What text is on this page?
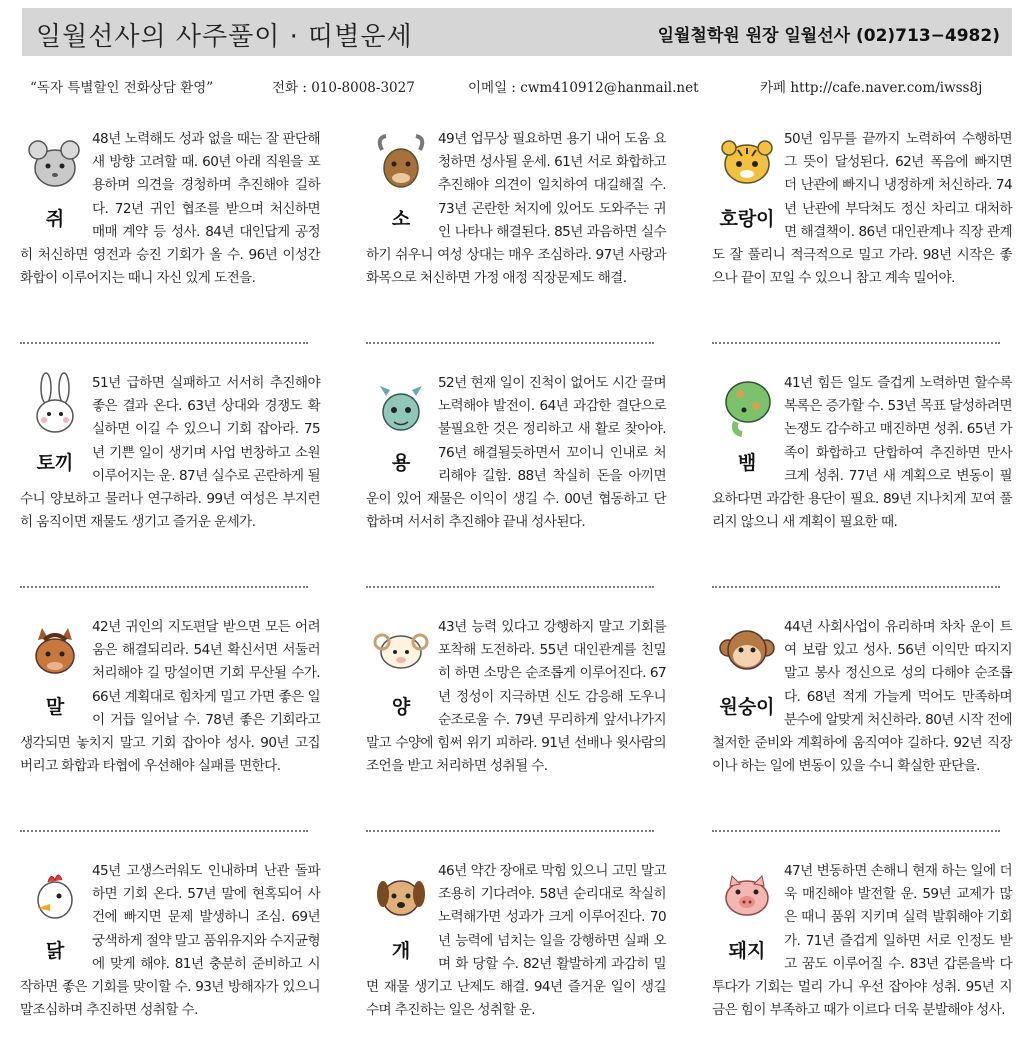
일월선사의 사주풀이 · 띠별운세	일월철학원 원장 일월선사 (02)713−4982)
“독자 특별할인 전화상담 환영”	전화 : 010-8008-3027	이메일 : cwm410912@hanmail.net	카페 http://cafe.naver.com/iwss8j
쥐
48년 노력해도 성과 없을 때는 잘 판단해 새 방향 고려할 때. 60년 아래 직원을 포용하며 의견을 경청하며 추진해야 길하다. 72년 귀인 협조를 받으며 처신하면 매매 계약 등 성사. 84년 대인답게 공정히 처신하면 영전과 승진 기회가 올 수. 96년 이성간 화합이 이루어지는 때니 자신 있게 도전을.
소
49년 업무상 필요하면 용기 내어 도움 요청하면 성사될 운세. 61년 서로 화합하고 추진해야 의견이 일치하여 대길해질 수. 73년 곤란한 처지에 있어도 도와주는 귀인 나타나 해결된다. 85년 과음하면 실수하기 쉬우니 여성 상대는 매우 조심하라. 97년 사랑과 화목으로 처신하면 가정 애정 직장문제도 해결.
호랑이
50년 임무를 끝까지 노력하여 수행하면 그 뜻이 달성된다. 62년 폭음에 빠지면 더 난관에 빠지니 냉정하게 처신하라. 74년 난관에 부닥쳐도 정신 차리고 대처하면 해결책이. 86년 대인관계나 직장 관계도 잘 풀리니 적극적으로 밀고 가라. 98년 시작은 좋으나 끝이 꼬일 수 있으니 참고 계속 밀어야.
토끼
51년 급하면 실패하고 서서히 추진해야 좋은 결과 온다. 63년 상대와 경쟁도 확실하면 이길 수 있으니 기회 잡아라. 75년 기쁜 일이 생기며 사업 번창하고 소원 이루어지는 운. 87년 실수로 곤란하게 될 수니 양보하고 물러나 연구하라. 99년 여성은 부지런히 움직이면 재물도 생기고 즐거운 운세가.
용
52년 현재 일이 진척이 없어도 시간 끌며 노력해야 발전이. 64년 과감한 결단으로 불필요한 것은 정리하고 새 활로 찾아야. 76년 해결될듯하면서 꼬이니 인내로 처리해야 길함. 88년 착실히 돈을 아끼면 운이 있어 재물은 이익이 생길 수. 00년 협동하고 단합하며 서서히 추진해야 끝내 성사된다.
뱀
41년 힘든 일도 즐겁게 노력하면 할수록 복록은 증가할 수. 53년 목표 달성하려면 논쟁도 감수하고 매진하면 성취. 65년 가족이 화합하고 단합하여 추진하면 만사 크게 성취. 77년 새 계획으로 변동이 필요하다면 과감한 용단이 필요. 89년 지나치게 꼬여 풀리지 않으니 새 계획이 필요한 때.
말
42년 귀인의 지도편달 받으면 모든 어려움은 해결되리라. 54년 확신서면 서둘러 처리해야 길 망설이면 기회 무산될 수가. 66년 계획대로 힘차게 밀고 가면 좋은 일이 거듭 일어날 수. 78년 좋은 기회라고 생각되면 놓치지 말고 기회 잡아야 성사. 90년 고집 버리고 화합과 타협에 우선해야 실패를 면한다.
양
43년 능력 있다고 강행하지 말고 기회를 포착해 도전하라. 55년 대인관계를 친밀히 하면 소망은 순조롭게 이루어진다. 67년 정성이 지극하면 신도 감응해 도우니 순조로울 수. 79년 무리하게 앞서나가지 말고 수양에 힘써 위기 피하라. 91년 선배나 윗사람의 조언을 받고 처리하면 성취될 수.
원숭이
44년 사회사업이 유리하며 차차 운이 트여 보람 있고 성사. 56년 이익만 따지지 말고 봉사 정신으로 성의 다해야 순조롭다. 68년 적게 가늘게 먹어도 만족하며 분수에 알맞게 처신하라. 80년 시작 전에 철저한 준비와 계획하에 움직여야 길하다. 92년 직장이나 하는 일에 변동이 있을 수니 확실한 판단을.
닭
45년 고생스러워도 인내하며 난관 돌파하면 기회 온다. 57년 말에 현혹되어 사건에 빠지면 문제 발생하니 조심. 69년 궁색하게 절약 말고 품위유지와 수지균형에 맞게 해야. 81년 충분히 준비하고 시작하면 좋은 기회를 맞이할 수. 93년 방해자가 있으니 말조심하며 추진하면 성취할 수.
개
46년 약간 장애로 막힘 있으니 고민 말고 조용히 기다려야. 58년 순리대로 착실히 노력해가면 성과가 크게 이루어진다. 70년 능력에 넘치는 일을 강행하면 실패 오며 화 당할 수. 82년 활발하게 과감히 밀면 재물 생기고 난제도 해결. 94년 즐거운 일이 생길 수며 추진하는 일은 성취할 운.
돼지
47년 변동하면 손해니 현재 하는 일에 더욱 매진해야 발전할 운. 59년 교제가 많은 때니 품위 지키며 실력 발휘해야 기회가. 71년 즐겁게 일하면 서로 인정도 받고 꿈도 이루어질 수. 83년 갑론을박 다투다가 기회는 멀리 가니 우선 잡아야 성취. 95년 지금은 힘이 부족하고 때가 이르다 더욱 분발해야 성사.
